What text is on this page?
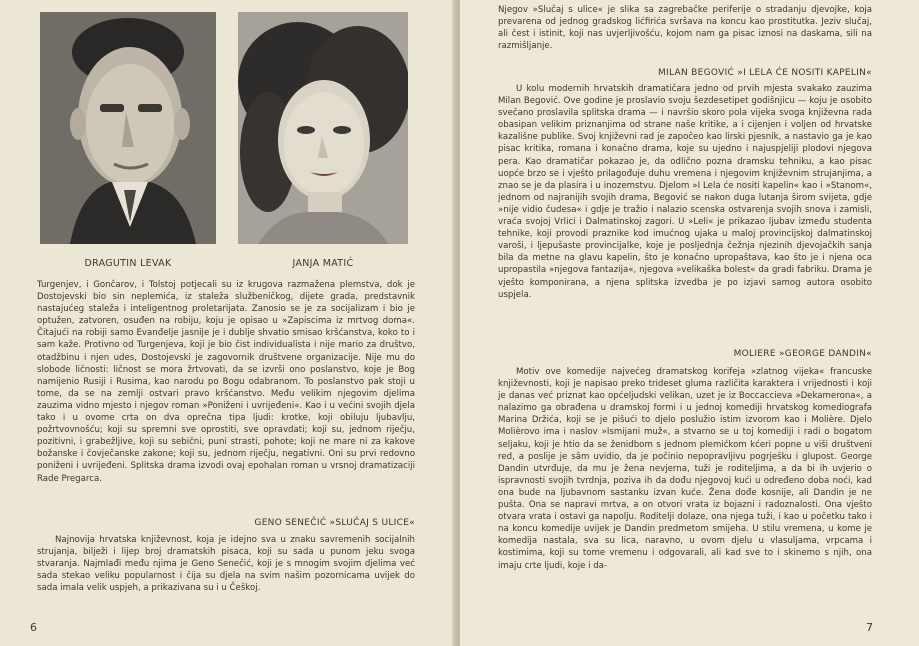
DRAGUTIN LEVAK	JANJA MATIĆ

Turgenjev, i Gončarov, i Tolstoj potjecali su iz krugova razmažena plemstva, dok je Dostojevski bio sin neplemića, iz staleža službeničkog, dijete grada, predstavnik nastajućeg staleža i inteligentnog proletarijata. Zanosio se je za socijalizam i bio je optužen, zatvoren, osuđen na robiju, koju je opisao u »Zapiscima iz mrtvog doma«. Čitajući na robiji samo Evanđelje jasnije je i dublje shvatio smisao kršćanstva, koko to i sam kaže. Protivno od Turgenjeva, koji je bio čist individualista i nije mario za društvo, otadžbinu i njen udes, Dostojevski je zagovornik društvene organizacije. Nije mu do slobode ličnosti: ličnost se mora žrtvovati, da se izvrši ono poslanstvo, koje je Bog namijenio Rusiji i Rusima, kao narodu po Bogu odabranom. To poslanstvo pak stoji u tome, da se na zemlji ostvari pravo kršćanstvo. Među velikim njegovim djelima zauzima vidno mjesto i njegov roman »Poniženi i uvrijeđeni«. Kao i u većini svojih djela tako i u ovome crta on dva oprečna tipa ljudi: krotke, koji obiluju ljubavlju, požrtvovnošću; koji su spremni sve oprostiti, sve opravdati; koji su, jednom riječju, pozitivni, i grabežljive, koji su sebični, puni strasti, pohote; koji ne mare ni za kakove božanske i čovječanske zakone; koji su, jednom riječju, negativni. Oni su prvi redovno poniženi i uvrijeđeni. Splitska drama izvodi ovaj epohalan roman u vrsnoj dramatizaciji Rade Pregarca.

GENO SENEČIĆ »SLUČAJ S ULICE«

Najnovija hrvatska književnost, koja je idejno sva u znaku savremenih socijalnih strujanja, bilježi i lijep broj dramatskih pisaca, koji su sada u punom jeku svoga stvaranja. Najmlađi među njima je Geno Senečić, koji je s mnogim svojim djelima već sada stekao veliku popularnost i čija su djela na svim našim pozornicama uvijek do sada imala velik uspjeh, a prikazivana su i u Češkoj.

6

Njegov »Slučaj s ulice« je slika sa zagrebačke periferije o stradanju djevojke, koja prevarena od jednog gradskog lićfirića svršava na koncu kao prostitutka. Jeziv slučaj, ali čest i istinit, koji nas uvjerljivošću, kojom nam ga pisac iznosi na daskama, sili na razmišljanje.

MILAN BEGOVIĆ »I LELA ĆE NOSITI KAPELIN«

U kolu modernih hrvatskih dramatičara jedno od prvih mjesta svakako zauzima Milan Begović. Ove godine je proslavio svoju šezdesetipet godišnjicu — koju je osobito svečano proslavila splitska drama — i navršio skoro pola vijeka svoga književna rada obasipan velikim priznanjima od strane naše kritike, a i cijenjen i voljen od hrvatske kazališne publike. Svoj književni rad je započeo kao lirski pjesnik, a nastavio ga je kao pisac kritika, romana i konačno drama, koje su ujedno i najuspjeliji plodovi njegova pera. Kao dramatičar pokazao je, da odlično pozna dramsku tehniku, a kao pisac uopće brzo se i vješto prilagođuje duhu vremena i njegovim književnim strujanjima, a znao se je da plasira i u inozemstvu. Djelom »I Lela će nositi kapelin« kao i »Stanom«, jednom od najranijih svojih drama, Begović se nakon duga lutanja širom svijeta, gdje »nije vidio čudesa« i gdje je tražio i nalazio scenska ostvarenja svojih snova i zamisli, vraća svojoj Vrlici i Dalmatinskoj zagori. U »Leli« je prikazao ljubav između studenta tehnike, koji provodi praznike kod imućnog ujaka u maloj provincijskoj dalmatinskoj varoši, i ljepušaste provincijalke, koje je posljednja čežnja njezinih djevojačkih sanja bila da metne na glavu kapelin, što je konačno upropaštava, kao što je i njena oca upropastila »njegova fantazija«, njegova »velikaška bolest« da gradi fabriku. Drama je vješto komponirana, a njena splitska izvedba je po izjavi samog autora osobito uspjela.

MOLIERE »GEORGE DANDIN«

Motiv ove komedije najvećeg dramatskog korifeja »zlatnog vijeka« francuske književnosti, koji je napisao preko trideset gluma različita karaktera i vrijednosti i koji je danas već priznat kao općeljudski velikan, uzet je iz Boccaccieva »Dekamerona«, a nalazimo ga obrađena u dramskoj formi i u jednoj komediji hrvatskog komediografa Marina Držića, koji se je pišući to djelo poslužio istim izvorom kao i Molière. Djelo Molièrovo ima i naslov »Ismijani muž«, a stvarno se u toj komediji i radi o bogatom seljaku, koji je htio da se ženidbom s jednom plemićkom kćeri popne u viši društveni red, a poslije je sâm uvidio, da je počinio nepopravljivu pogrješku i glupost. George Dandin utvrđuje, da mu je žena nevjerna, tuži je roditeljima, a da bi ih uvjerio o ispravnosti svojih tvrdnja, poziva ih da dođu njegovoj kući u određeno doba noći, kad ona bude na ljubavnom sastanku izvan kuće. Žena dođe kosnije, ali Dandin je ne pušta. Ona se napravi mrtva, a on otvori vrata iz bojazni i radoznalosti. Ona vješto otvara vrata i ostavi ga napolju. Roditelji dolaze, ona njega tuži, i kao u početku tako i na koncu komedije uvijek je Dandin predmetom smijeha. U stilu vremena, u kome je komedija nastala, sva su lica, naravno, u ovom djelu u vlasuljama, vrpcama i kostimima, koji su tome vremenu i odgovarali, ali kad sve to i skinemo s njih, ona imaju crte ljudi, koje i da-

7
